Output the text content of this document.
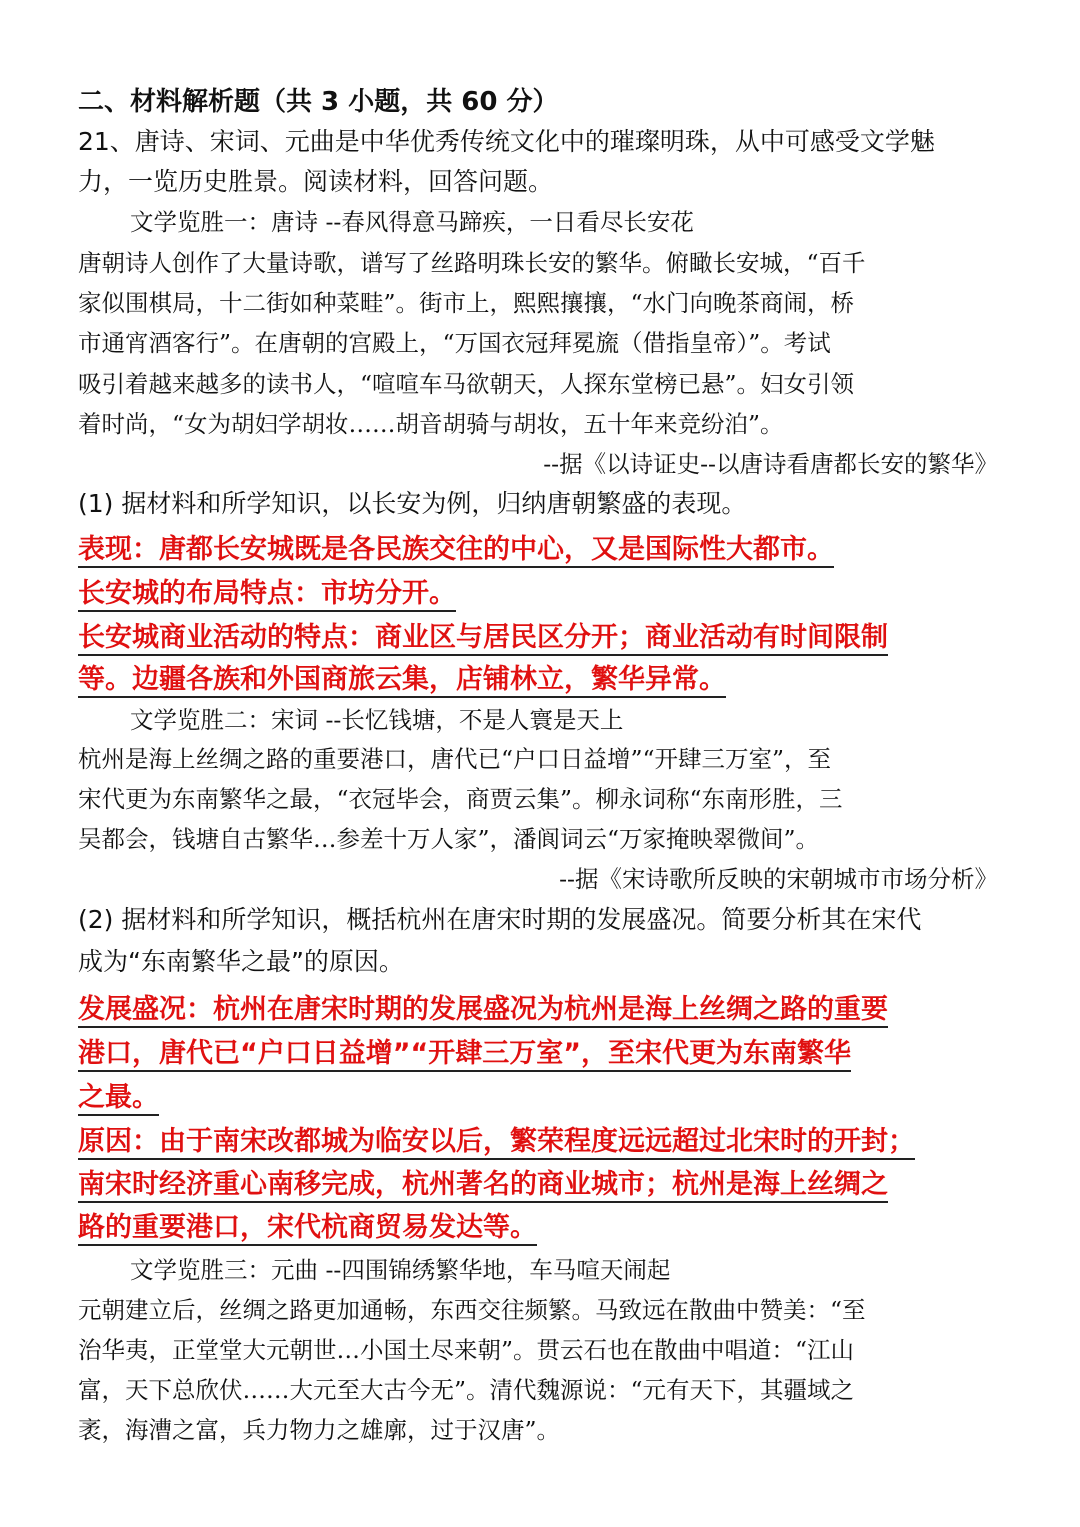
二、材料解析题（共 3 小题，共 60 分）
21、唐诗、宋词、元曲是中华优秀传统文化中的璀璨明珠，从中可感受文学魅
力，一览历史胜景。阅读材料，回答问题。
文学览胜一：唐诗 --春风得意马蹄疾，一日看尽长安花
唐朝诗人创作了大量诗歌，谱写了丝路明珠长安的繁华。俯瞰长安城，“百千
家似围棋局，十二街如种菜畦”。街市上，熙熙攘攘，“水门向晚茶商闹，桥
市通宵酒客行”。在唐朝的宫殿上，“万国衣冠拜冕旒（借指皇帝）”。考试
吸引着越来越多的读书人，“喧喧车马欲朝天，人探东堂榜已悬”。妇女引领
着时尚，“女为胡妇学胡妆……胡音胡骑与胡妆，五十年来竞纷泊”。
--据《以诗证史--以唐诗看唐都长安的繁华》
(1) 据材料和所学知识，以长安为例，归纳唐朝繁盛的表现。
表现：唐都长安城既是各民族交往的中心，又是国际性大都市。
长安城的布局特点：市坊分开。
长安城商业活动的特点：商业区与居民区分开；商业活动有时间限制
等。边疆各族和外国商旅云集，店铺林立，繁华异常。
文学览胜二：宋词 --长忆钱塘，不是人寰是天上
杭州是海上丝绸之路的重要港口，唐代已“户口日益增”“开肆三万室”，至
宋代更为东南繁华之最，“衣冠毕会，商贾云集”。柳永词称“东南形胜，三
吴都会，钱塘自古繁华…参差十万人家”，潘阆词云“万家掩映翠微间”。
--据《宋诗歌所反映的宋朝城市市场分析》
(2) 据材料和所学知识，概括杭州在唐宋时期的发展盛况。简要分析其在宋代
成为“东南繁华之最”的原因。
发展盛况：杭州在唐宋时期的发展盛况为杭州是海上丝绸之路的重要
港口，唐代已“户口日益增”“开肆三万室”，至宋代更为东南繁华
之最。
原因：由于南宋改都城为临安以后，繁荣程度远远超过北宋时的开封；
南宋时经济重心南移完成，杭州著名的商业城市；杭州是海上丝绸之
路的重要港口，宋代杭商贸易发达等。
文学览胜三：元曲 --四围锦绣繁华地，车马喧天闹起
元朝建立后，丝绸之路更加通畅，东西交往频繁。马致远在散曲中赞美：“至
治华夷，正堂堂大元朝世…小国土尽来朝”。贯云石也在散曲中唱道：“江山
富，天下总欣伏……大元至大古今无”。清代魏源说：“元有天下，其疆域之
袤，海漕之富，兵力物力之雄廓，过于汉唐”。
